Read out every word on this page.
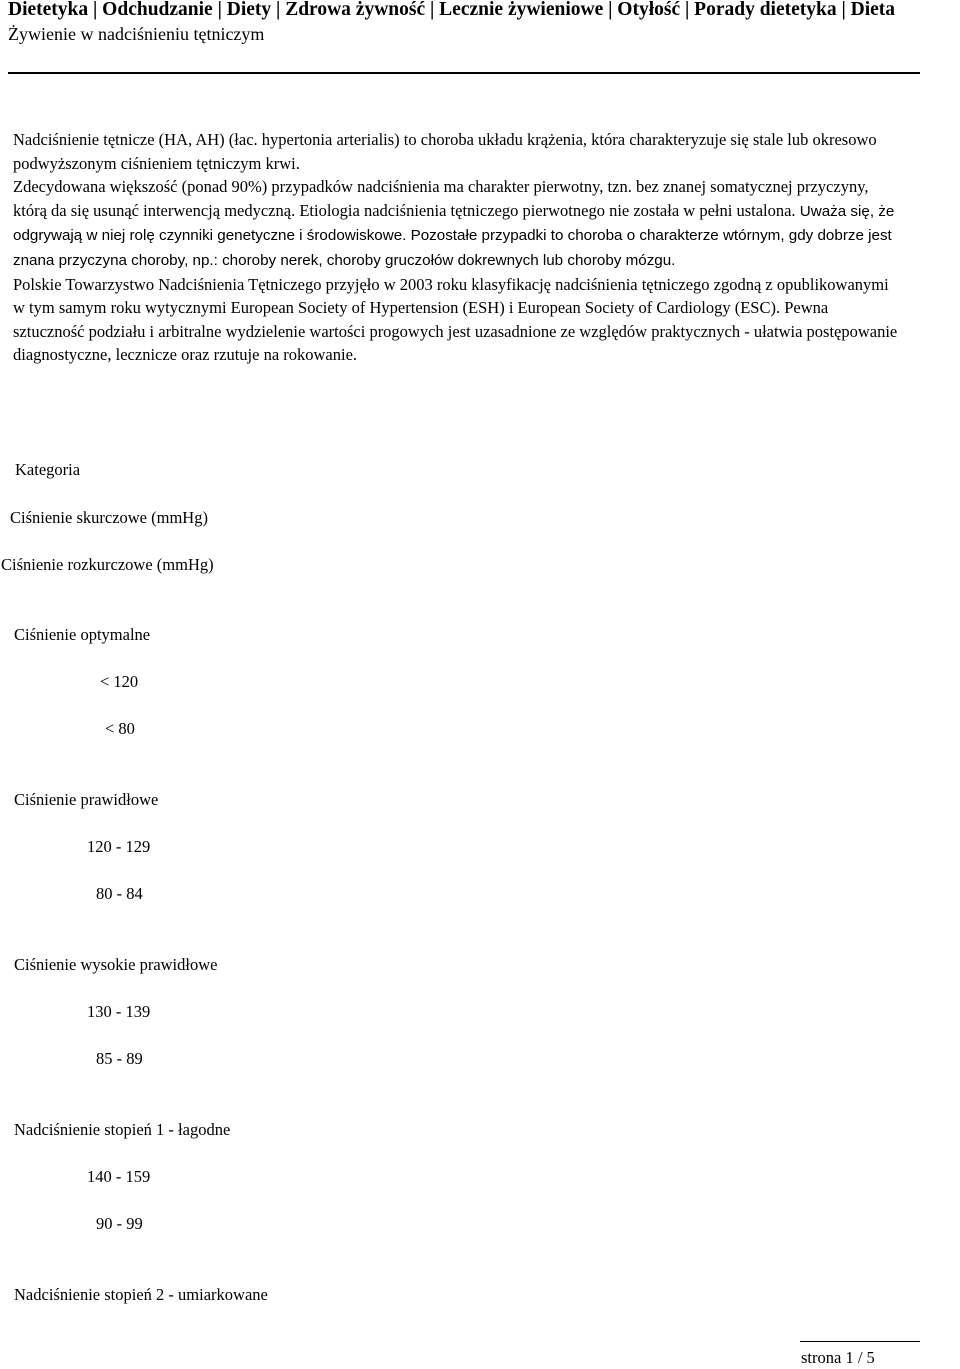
Dietetyka | Odchudzanie | Diety | Zdrowa żywność | Lecznie żywieniowe | Otyłość | Porady dietetyka | Dieta
Żywienie w nadciśnieniu tętniczym

Nadciśnienie tętnicze (HA, AH) (łac. hypertonia arterialis) to choroba układu krążenia, która charakteryzuje się stale lub okresowo podwyższonym ciśnieniem tętniczym krwi.

Zdecydowana większość (ponad 90%) przypadków nadciśnienia ma charakter pierwotny, tzn. bez znanej somatycznej przyczyny, którą da się usunąć interwencją medyczną. Etiologia nadciśnienia tętniczego pierwotnego nie została w pełni ustalona. Uważa się, że odgrywają w niej rolę czynniki genetyczne i środowiskowe. Pozostałe przypadki to choroba o charakterze wtórnym, gdy dobrze jest znana przyczyna choroby, np.: choroby nerek, choroby gruczołów dokrewnych lub choroby mózgu.

Polskie Towarzystwo Nadciśnienia Tętniczego przyjęło w 2003 roku klasyfikację nadciśnienia tętniczego zgodną z opublikowanymi w tym samym roku wytycznymi European Society of Hypertension (ESH) i European Society of Cardiology (ESC). Pewna sztuczność podziału i arbitralne wydzielenie wartości progowych jest uzasadnione ze względów praktycznych - ułatwia postępowanie diagnostyczne, lecznicze oraz rzutuje na rokowanie.

Kategoria
Ciśnienie skurczowe (mmHg)
Ciśnienie rozkurczowe (mmHg)
Ciśnienie optymalne
< 120
< 80
Ciśnienie prawidłowe
120 - 129
80 - 84
Ciśnienie wysokie prawidłowe
130 - 139
85 - 89
Nadciśnienie stopień 1 - łagodne
140 - 159
90 - 99
Nadciśnienie stopień 2 - umiarkowane
strona 1 / 5
